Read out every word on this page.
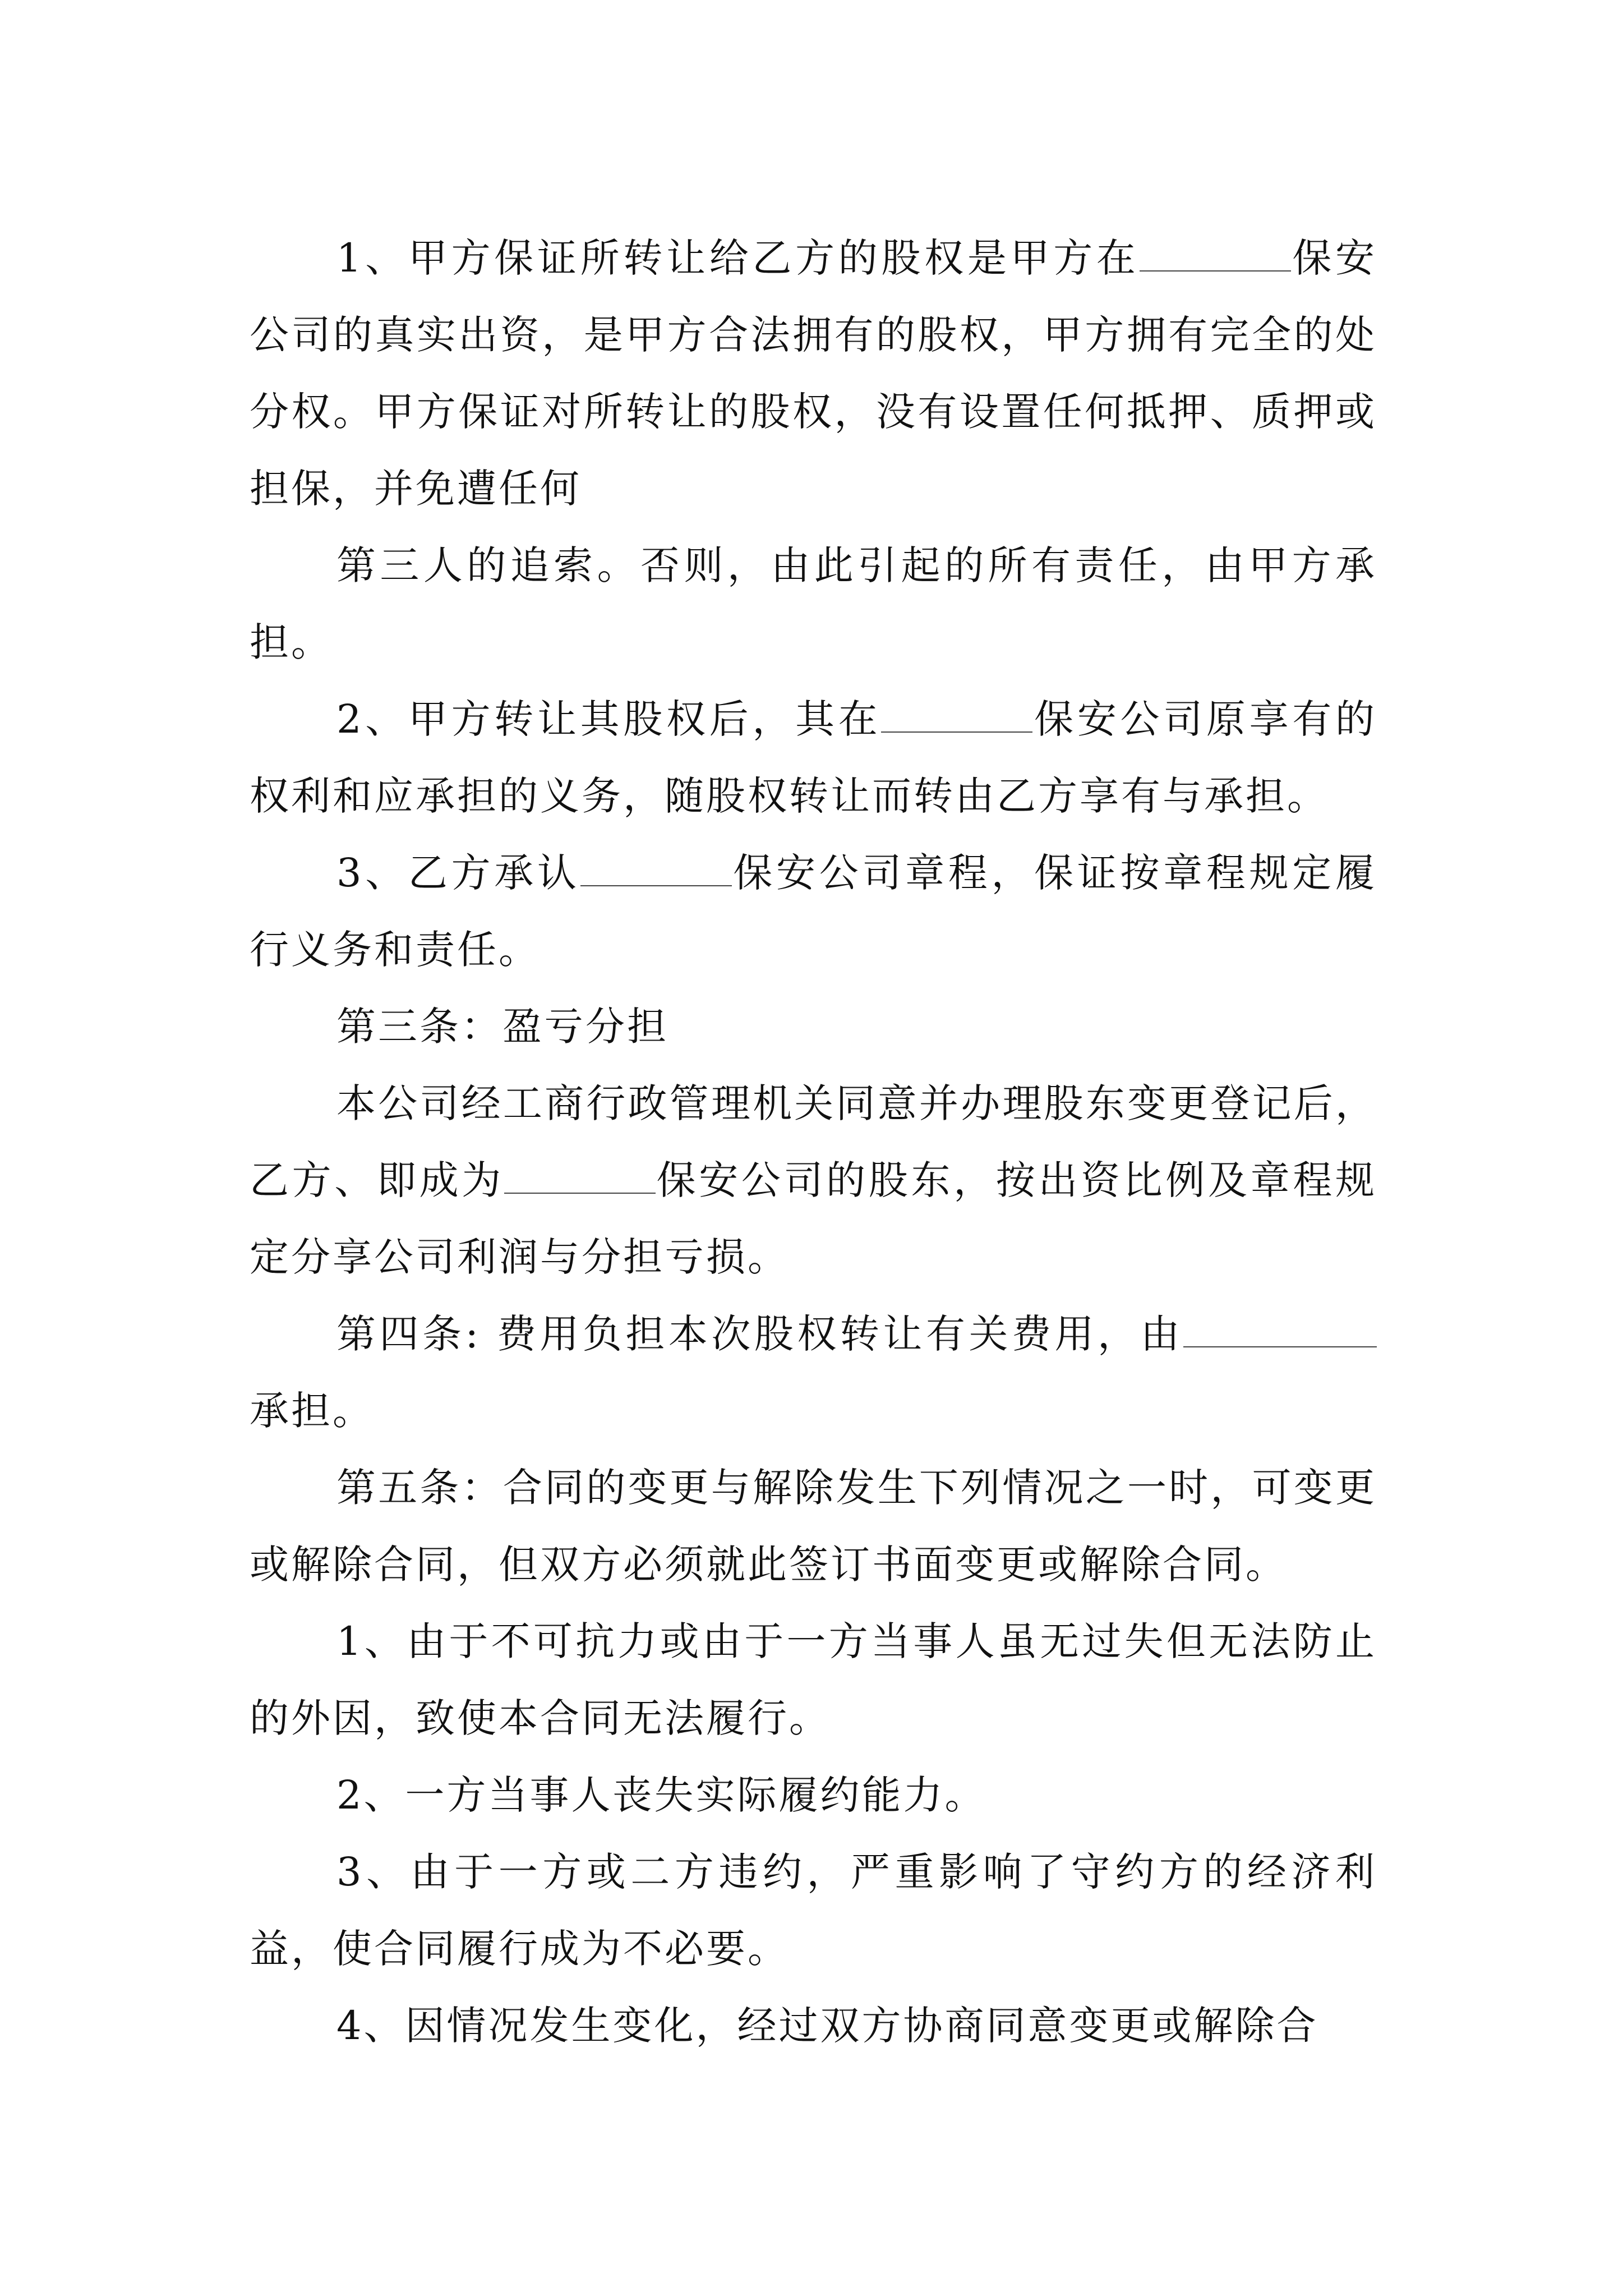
1、甲方保证所转让给乙方的股权是甲方在	保安公司的真实出资，是甲方合法拥有的股权，甲方拥有完全的处分权。甲方保证对所转让的股权，没有设置任何抵押、质押或担保，并免遭任何

第三人的追索。否则，由此引起的所有责任，由甲方承担。

2、甲方转让其股权后，其在	保安公司原享有的权利和应承担的义务，随股权转让而转由乙方享有与承担。

3、乙方承认	保安公司章程，保证按章程规定履行义务和责任。

第三条：盈亏分担

本公司经工商行政管理机关同意并办理股东变更登记后，乙方、即成为	保安公司的股东，按出资比例及章程规定分享公司利润与分担亏损。

第四条: 费用负担本次股权转让有关费用，由承担。

第五条：合同的变更与解除发生下列情况之一时，可变更或解除合同，但双方必须就此签订书面变更或解除合同。

1、由于不可抗力或由于一方当事人虽无过失但无法防止的外因，致使本合同无法履行。

2、一方当事人丧失实际履约能力。

3、由于一方或二方违约，严重影响了守约方的经济利益，使合同履行成为不必要。

4、因情况发生变化，经过双方协商同意变更或解除合
